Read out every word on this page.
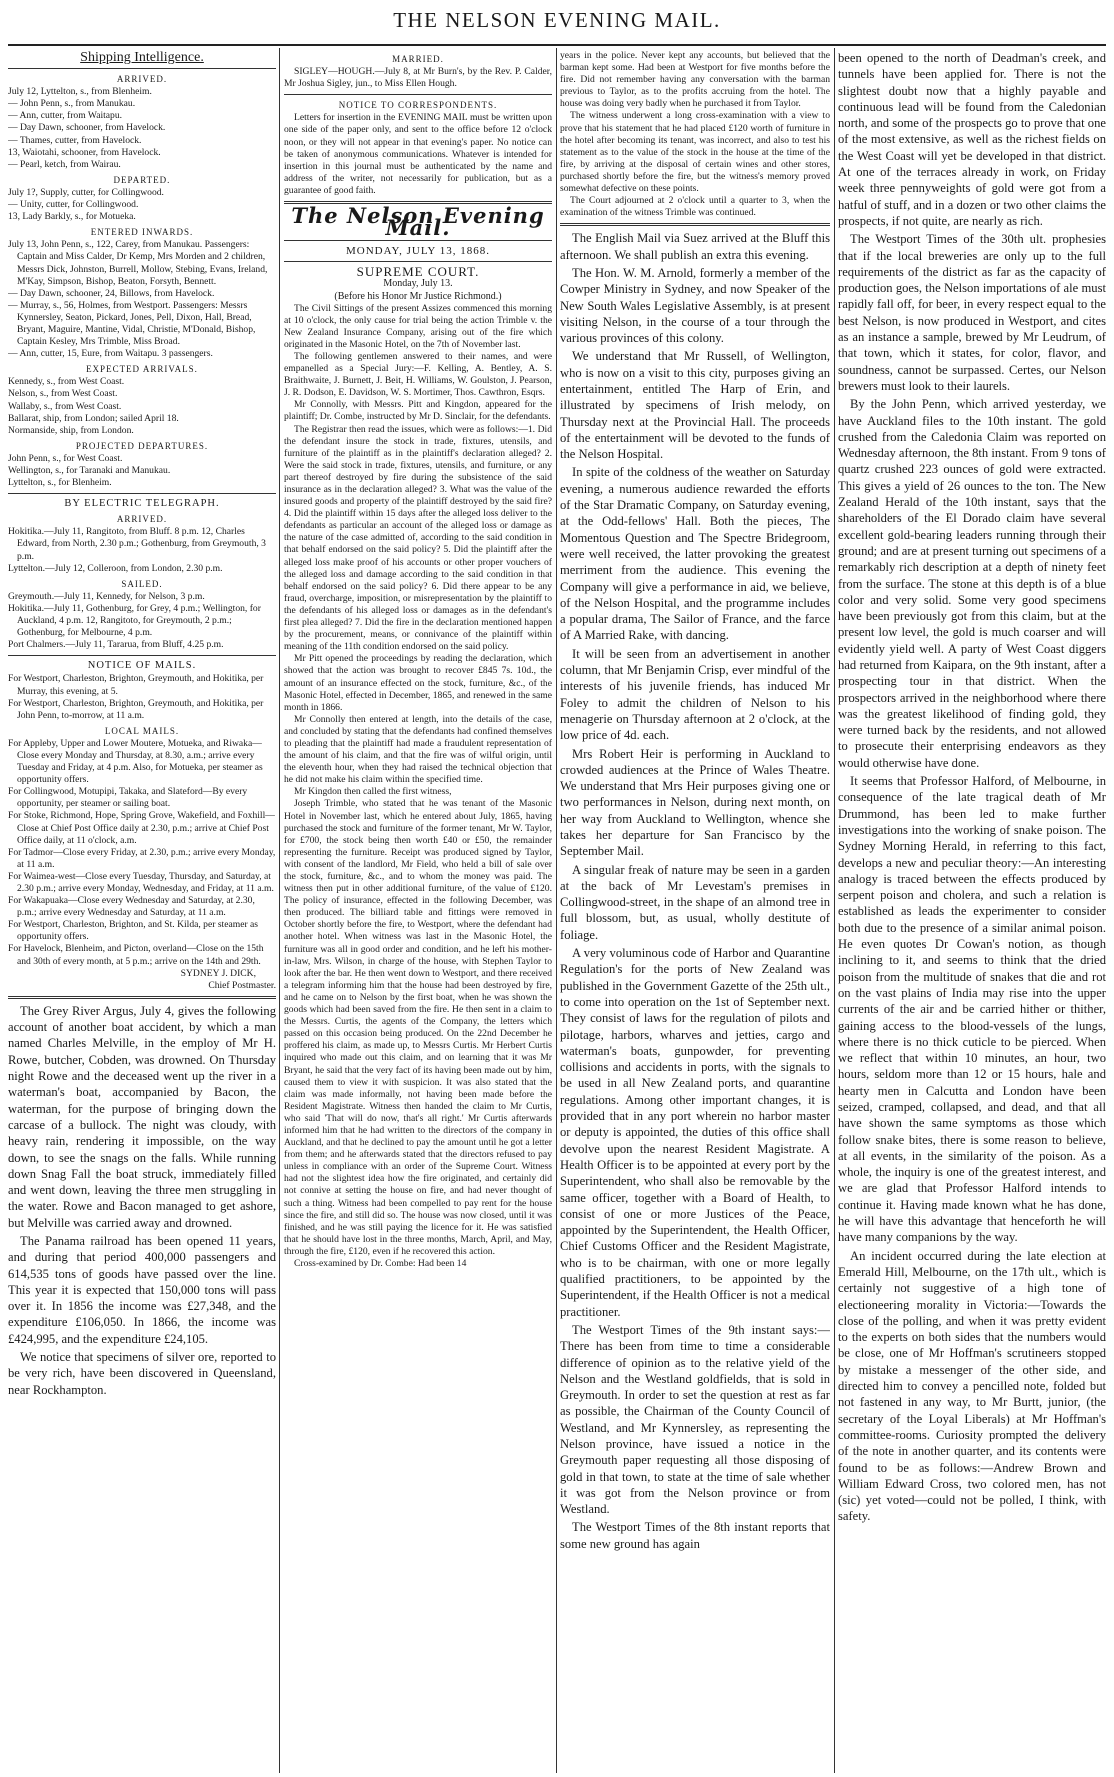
THE NELSON EVENING MAIL.
Shipping Intelligence.
ARRIVED.

July 12, Lyttelton, s., from Blenheim.

— John Penn, s., from Manukau.

— Ann, cutter, from Waitapu.

— Day Dawn, schooner, from Havelock.

— Thames, cutter, from Havelock.

13, Waiotahi, schooner, from Havelock.

— Pearl, ketch, from Wairau.

DEPARTED.

July 1?, Supply, cutter, for Collingwood.

— Unity, cutter, for Collingwood.

13, Lady Barkly, s., for Motueka.

ENTERED INWARDS.

July 13, John Penn, s., 122, Carey, from Manukau. Passengers: Captain and Miss Calder, Dr Kemp, Mrs Morden and 2 children, Messrs Dick, Johnston, Burrell, Mollow, Stebing, Evans, Ireland, M'Kay, Simpson, Bishop, Beaton, Forsyth, Bennett.

— Day Dawn, schooner, 24, Billows, from Havelock.

— Murray, s., 56, Holmes, from Westport. Passengers: Messrs Kynnersley, Seaton, Pickard, Jones, Pell, Dixon, Hall, Bread, Bryant, Maguire, Mantine, Vidal, Christie, M'Donald, Bishop, Captain Kesley, Mrs Trimble, Miss Broad.

— Ann, cutter, 15, Eure, from Waitapu. 3 passengers.

EXPECTED ARRIVALS.

Kennedy, s., from West Coast.

Nelson, s., from West Coast.

Wallaby, s., from West Coast.

Ballarat, ship, from London; sailed April 18.

Normanside, ship, from London.

PROJECTED DEPARTURES.

John Penn, s., for West Coast.

Wellington, s., for Taranaki and Manukau.

Lyttelton, s., for Blenheim.

BY ELECTRIC TELEGRAPH.
ARRIVED.

Hokitika.—July 11, Rangitoto, from Bluff. 8 p.m. 12, Charles Edward, from North, 2.30 p.m.; Gothenburg, from Greymouth, 3 p.m.

Lyttelton.—July 12, Colleroon, from London, 2.30 p.m.

SAILED.

Greymouth.—July 11, Kennedy, for Nelson, 3 p.m.

Hokitika.—July 11, Gothenburg, for Grey, 4 p.m.; Wellington, for Auckland, 4 p.m. 12, Rangitoto, for Greymouth, 2 p.m.; Gothenburg, for Melbourne, 4 p.m.

Port Chalmers.—July 11, Tararua, from Bluff, 4.25 p.m.

NOTICE OF MAILS.

For Westport, Charleston, Brighton, Greymouth, and Hokitika, per Murray, this evening, at 5.

For Westport, Charleston, Brighton, Greymouth, and Hokitika, per John Penn, to-morrow, at 11 a.m.

LOCAL MAILS.

For Appleby, Upper and Lower Moutere, Motueka, and Riwaka—Close every Monday and Thursday, at 8.30, a.m.; arrive every Tuesday and Friday, at 4 p.m. Also, for Motueka, per steamer as opportunity offers.

For Collingwood, Motupipi, Takaka, and Slateford—By every opportunity, per steamer or sailing boat.

For Stoke, Richmond, Hope, Spring Grove, Wakefield, and Foxhill—Close at Chief Post Office daily at 2.30, p.m.; arrive at Chief Post Office daily, at 11 o'clock, a.m.

For Tadmor—Close every Friday, at 2.30, p.m.; arrive every Monday, at 11 a.m.

For Waimea-west—Close every Tuesday, Thursday, and Saturday, at 2.30 p.m.; arrive every Monday, Wednesday, and Friday, at 11 a.m.

For Wakapuaka—Close every Wednesday and Saturday, at 2.30, p.m.; arrive every Wednesday and Saturday, at 11 a.m.

For Westport, Charleston, Brighton, and St. Kilda, per steamer as opportunity offers.

For Havelock, Blenheim, and Picton, overland—Close on the 15th and 30th of every month, at 5 p.m.; arrive on the 14th and 29th.

SYDNEY J. DICK,

Chief Postmaster.

The Grey River Argus, July 4, gives the following account of another boat accident, by which a man named Charles Melville, in the employ of Mr H. Rowe, butcher, Cobden, was drowned. On Thursday night Rowe and the deceased went up the river in a waterman's boat, accompanied by Bacon, the waterman, for the purpose of bringing down the carcase of a bullock. The night was cloudy, with heavy rain, rendering it impossible, on the way down, to see the snags on the falls. While running down Snag Fall the boat struck, immediately filled and went down, leaving the three men struggling in the water. Rowe and Bacon managed to get ashore, but Melville was carried away and drowned.

The Panama railroad has been opened 11 years, and during that period 400,000 passengers and 614,535 tons of goods have passed over the line. This year it is expected that 150,000 tons will pass over it. In 1856 the income was £27,348, and the expenditure £106,050. In 1866, the income was £424,995, and the expenditure £24,105.

We notice that specimens of silver ore, reported to be very rich, have been discovered in Queensland, near Rockhampton.

MARRIED.

SIGLEY—HOUGH.—July 8, at Mr Burn's, by the Rev. P. Calder, Mr Joshua Sigley, jun., to Miss Ellen Hough.

NOTICE TO CORRESPONDENTS.

Letters for insertion in the EVENING MAIL must be written upon one side of the paper only, and sent to the office before 12 o'clock noon, or they will not appear in that evening's paper. No notice can be taken of anonymous communications. Whatever is intended for insertion in this journal must be authenticated by the name and address of the writer, not necessarily for publication, but as a guarantee of good faith.

The Nelson Evening Mail.
MONDAY, JULY 13, 1868.
SUPREME COURT.
Monday, July 13.
(Before his Honor Mr Justice Richmond.)

The Civil Sittings of the present Assizes commenced this morning at 10 o'clock, the only cause for trial being the action Trimble v. the New Zealand Insurance Company, arising out of the fire which originated in the Masonic Hotel, on the 7th of November last.

The following gentlemen answered to their names, and were empanelled as a Special Jury:—F. Kelling, A. Bentley, A. S. Braithwaite, J. Burnett, J. Beit, H. Williams, W. Goulston, J. Pearson, J. R. Dodson, E. Davidson, W. S. Mortimer, Thos. Cawthron, Esqrs.

Mr Connolly, with Messrs. Pitt and Kingdon, appeared for the plaintiff; Dr. Combe, instructed by Mr D. Sinclair, for the defendants.

The Registrar then read the issues, which were as follows:—1. Did the defendant insure the stock in trade, fixtures, utensils, and furniture of the plaintiff as in the plaintiff's declaration alleged? 2. Were the said stock in trade, fixtures, utensils, and furniture, or any part thereof destroyed by fire during the subsistence of the said insurance as in the declaration alleged? 3. What was the value of the insured goods and property of the plaintiff destroyed by the said fire? 4. Did the plaintiff within 15 days after the alleged loss deliver to the defendants as particular an account of the alleged loss or damage as the nature of the case admitted of, according to the said condition in that behalf endorsed on the said policy? 5. Did the plaintiff after the alleged loss make proof of his accounts or other proper vouchers of the alleged loss and damage according to the said condition in that behalf endorsed on the said policy? 6. Did there appear to be any fraud, overcharge, imposition, or misrepresentation by the plaintiff to the defendants of his alleged loss or damages as in the defendant's first plea alleged? 7. Did the fire in the declaration mentioned happen by the procurement, means, or connivance of the plaintiff within meaning of the 11th condition endorsed on the said policy.

Mr Pitt opened the proceedings by reading the declaration, which showed that the action was brought to recover £845 7s. 10d., the amount of an insurance effected on the stock, furniture, &c., of the Masonic Hotel, effected in December, 1865, and renewed in the same month in 1866.

Mr Connolly then entered at length, into the details of the case, and concluded by stating that the defendants had confined themselves to pleading that the plaintiff had made a fraudulent representation of the amount of his claim, and that the fire was of wilful origin, until the eleventh hour, when they had raised the technical objection that he did not make his claim within the specified time.

Mr Kingdon then called the first witness,

Joseph Trimble, who stated that he was tenant of the Masonic Hotel in November last, which he entered about July, 1865, having purchased the stock and furniture of the former tenant, Mr W. Taylor, for £700, the stock being then worth £40 or £50, the remainder representing the furniture. Receipt was produced signed by Taylor, with consent of the landlord, Mr Field, who held a bill of sale over the stock, furniture, &c., and to whom the money was paid. The witness then put in other additional furniture, of the value of £120. The policy of insurance, effected in the following December, was then produced. The billiard table and fittings were removed in October shortly before the fire, to Westport, where the defendant had another hotel. When witness was last in the Masonic Hotel, the furniture was all in good order and condition, and he left his mother-in-law, Mrs. Wilson, in charge of the house, with Stephen Taylor to look after the bar. He then went down to Westport, and there received a telegram informing him that the house had been destroyed by fire, and he came on to Nelson by the first boat, when he was shown the goods which had been saved from the fire. He then sent in a claim to the Messrs. Curtis, the agents of the Company, the letters which passed on this occasion being produced. On the 22nd December he proffered his claim, as made up, to Messrs Curtis. Mr Herbert Curtis inquired who made out this claim, and on learning that it was Mr Bryant, he said that the very fact of its having been made out by him, caused them to view it with suspicion. It was also stated that the claim was made informally, not having been made before the Resident Magistrate. Witness then handed the claim to Mr Curtis, who said 'That will do now, that's all right.' Mr Curtis afterwards informed him that he had written to the directors of the company in Auckland, and that he declined to pay the amount until he got a letter from them; and he afterwards stated that the directors refused to pay unless in compliance with an order of the Supreme Court. Witness had not the slightest idea how the fire originated, and certainly did not connive at setting the house on fire, and had never thought of such a thing. Witness had been compelled to pay rent for the house since the fire, and still did so. The house was now closed, until it was finished, and he was still paying the licence for it. He was satisfied that he should have lost in the three months, March, April, and May, through the fire, £120, even if he recovered this action.

Cross-examined by Dr. Combe: Had been 14

years in the police. Never kept any accounts, but believed that the barman kept some. Had been at Westport for five months before the fire. Did not remember having any conversation with the barman previous to Taylor, as to the profits accruing from the hotel. The house was doing very badly when he purchased it from Taylor.

The witness underwent a long cross-examination with a view to prove that his statement that he had placed £120 worth of furniture in the hotel after becoming its tenant, was incorrect, and also to test his statement as to the value of the stock in the house at the time of the fire, by arriving at the disposal of certain wines and other stores, purchased shortly before the fire, but the witness's memory proved somewhat defective on these points.

The Court adjourned at 2 o'clock until a quarter to 3, when the examination of the witness Trimble was continued.

The English Mail via Suez arrived at the Bluff this afternoon. We shall publish an extra this evening.

The Hon. W. M. Arnold, formerly a member of the Cowper Ministry in Sydney, and now Speaker of the New South Wales Legislative Assembly, is at present visiting Nelson, in the course of a tour through the various provinces of this colony.

We understand that Mr Russell, of Wellington, who is now on a visit to this city, purposes giving an entertainment, entitled The Harp of Erin, and illustrated by specimens of Irish melody, on Thursday next at the Provincial Hall. The proceeds of the entertainment will be devoted to the funds of the Nelson Hospital.

In spite of the coldness of the weather on Saturday evening, a numerous audience rewarded the efforts of the Star Dramatic Company, on Saturday evening, at the Odd-fellows' Hall. Both the pieces, The Momentous Question and The Spectre Bridegroom, were well received, the latter provoking the greatest merriment from the audience. This evening the Company will give a performance in aid, we believe, of the Nelson Hospital, and the programme includes a popular drama, The Sailor of France, and the farce of A Married Rake, with dancing.

It will be seen from an advertisement in another column, that Mr Benjamin Crisp, ever mindful of the interests of his juvenile friends, has induced Mr Foley to admit the children of Nelson to his menagerie on Thursday afternoon at 2 o'clock, at the low price of 4d. each.

Mrs Robert Heir is performing in Auckland to crowded audiences at the Prince of Wales Theatre. We understand that Mrs Heir purposes giving one or two performances in Nelson, during next month, on her way from Auckland to Wellington, whence she takes her departure for San Francisco by the September Mail.

A singular freak of nature may be seen in a garden at the back of Mr Levestam's premises in Collingwood-street, in the shape of an almond tree in full blossom, but, as usual, wholly destitute of foliage.

A very voluminous code of Harbor and Quarantine Regulation's for the ports of New Zealand was published in the Government Gazette of the 25th ult., to come into operation on the 1st of September next. They consist of laws for the regulation of pilots and pilotage, harbors, wharves and jetties, cargo and waterman's boats, gunpowder, for preventing collisions and accidents in ports, with the signals to be used in all New Zealand ports, and quarantine regulations. Among other important changes, it is provided that in any port wherein no harbor master or deputy is appointed, the duties of this office shall devolve upon the nearest Resident Magistrate. A Health Officer is to be appointed at every port by the Superintendent, who shall also be removable by the same officer, together with a Board of Health, to consist of one or more Justices of the Peace, appointed by the Superintendent, the Health Officer, Chief Customs Officer and the Resident Magistrate, who is to be chairman, with one or more legally qualified practitioners, to be appointed by the Superintendent, if the Health Officer is not a medical practitioner.

The Westport Times of the 9th instant says:—There has been from time to time a considerable difference of opinion as to the relative yield of the Nelson and the Westland goldfields, that is sold in Greymouth. In order to set the question at rest as far as possible, the Chairman of the County Council of Westland, and Mr Kynnersley, as representing the Nelson province, have issued a notice in the Greymouth paper requesting all those disposing of gold in that town, to state at the time of sale whether it was got from the Nelson province or from Westland.

The Westport Times of the 8th instant reports that some new ground has again

been opened to the north of Deadman's creek, and tunnels have been applied for. There is not the slightest doubt now that a highly payable and continuous lead will be found from the Caledonian north, and some of the prospects go to prove that one of the most extensive, as well as the richest fields on the West Coast will yet be developed in that district. At one of the terraces already in work, on Friday week three pennyweights of gold were got from a hatful of stuff, and in a dozen or two other claims the prospects, if not quite, are nearly as rich.

The Westport Times of the 30th ult. prophesies that if the local breweries are only up to the full requirements of the district as far as the capacity of production goes, the Nelson importations of ale must rapidly fall off, for beer, in every respect equal to the best Nelson, is now produced in Westport, and cites as an instance a sample, brewed by Mr Leudrum, of that town, which it states, for color, flavor, and soundness, cannot be surpassed. Certes, our Nelson brewers must look to their laurels.

By the John Penn, which arrived yesterday, we have Auckland files to the 10th instant. The gold crushed from the Caledonia Claim was reported on Wednesday afternoon, the 8th instant. From 9 tons of quartz crushed 223 ounces of gold were extracted. This gives a yield of 26 ounces to the ton. The New Zealand Herald of the 10th instant, says that the shareholders of the El Dorado claim have several excellent gold-bearing leaders running through their ground; and are at present turning out specimens of a remarkably rich description at a depth of ninety feet from the surface. The stone at this depth is of a blue color and very solid. Some very good specimens have been previously got from this claim, but at the present low level, the gold is much coarser and will evidently yield well. A party of West Coast diggers had returned from Kaipara, on the 9th instant, after a prospecting tour in that district. When the prospectors arrived in the neighborhood where there was the greatest likelihood of finding gold, they were turned back by the residents, and not allowed to prosecute their enterprising endeavors as they would otherwise have done.

It seems that Professor Halford, of Melbourne, in consequence of the late tragical death of Mr Drummond, has been led to make further investigations into the working of snake poison. The Sydney Morning Herald, in referring to this fact, develops a new and peculiar theory:—An interesting analogy is traced between the effects produced by serpent poison and cholera, and such a relation is established as leads the experimenter to consider both due to the presence of a similar animal poison. He even quotes Dr Cowan's notion, as though inclining to it, and seems to think that the dried poison from the multitude of snakes that die and rot on the vast plains of India may rise into the upper currents of the air and be carried hither or thither, gaining access to the blood-vessels of the lungs, where there is no thick cuticle to be pierced. When we reflect that within 10 minutes, an hour, two hours, seldom more than 12 or 15 hours, hale and hearty men in Calcutta and London have been seized, cramped, collapsed, and dead, and that all have shown the same symptoms as those which follow snake bites, there is some reason to believe, at all events, in the similarity of the poison. As a whole, the inquiry is one of the greatest interest, and we are glad that Professor Halford intends to continue it. Having made known what he has done, he will have this advantage that henceforth he will have many companions by the way.

An incident occurred during the late election at Emerald Hill, Melbourne, on the 17th ult., which is certainly not suggestive of a high tone of electioneering morality in Victoria:—Towards the close of the polling, and when it was pretty evident to the experts on both sides that the numbers would be close, one of Mr Hoffman's scrutineers stopped by mistake a messenger of the other side, and directed him to convey a pencilled note, folded but not fastened in any way, to Mr Burtt, junior, (the secretary of the Loyal Liberals) at Mr Hoffman's committee-rooms. Curiosity prompted the delivery of the note in another quarter, and its contents were found to be as follows:—Andrew Brown and William Edward Cross, two colored men, has not (sic) yet voted—could not be polled, I think, with safety.
